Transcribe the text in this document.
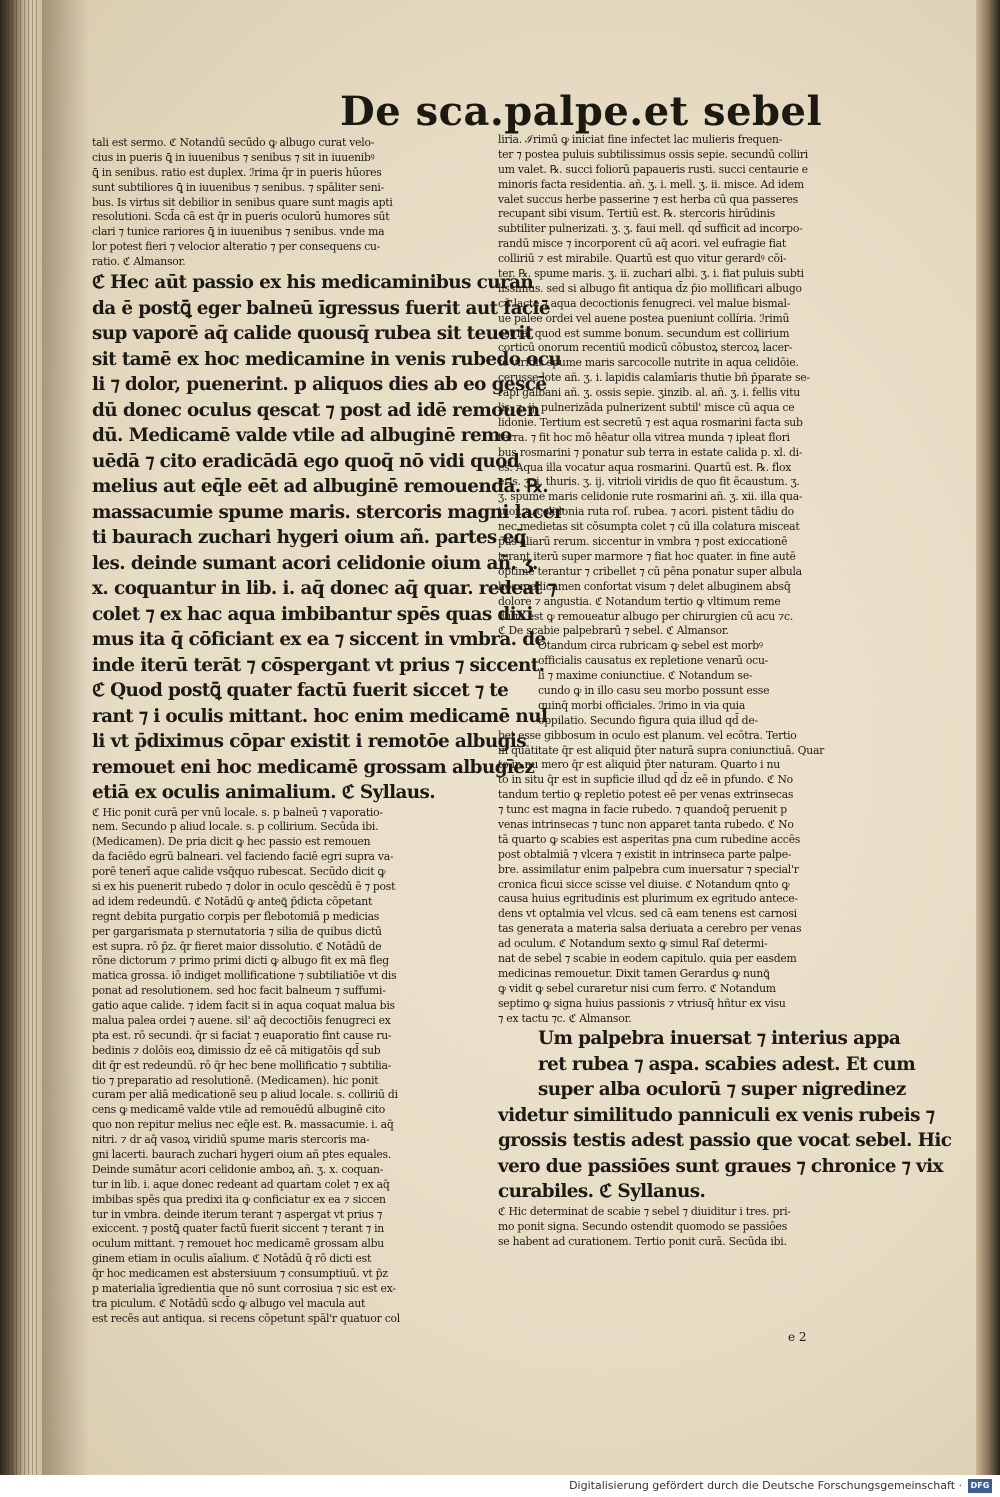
De sca.palpe.et sebel
tali est sermo. ℭ Notandū secūdo ꝙ albugo curat velo-
cius in pueris ꝗ̄ in iuuenibus ⁊ senibus ⁊ sit in iuuenibꝰ
ꝗ̄ in senibus. ratio est duplex. ℐrima q̄r in pueris hūores
sunt subtiliores ꝗ̄ in iuuenibus ⁊ senibus. ⁊ spāliter seni-
bus. Is virtus sit debilior in senibus quare sunt magis apti
resolutioni. Scd̄a cā est q̄r in pueris oculorū humores sūt
clari ⁊ tunice rariores ꝗ̄ in iuuenibus ⁊ senibus. vnde ma
lor potest fieri ⁊ velocior alteratio ⁊ per consequens cu-
ratio. ℭ Almansor.
ℭ Hec aūt passio ex his medicaminibus curan
da ē postꝗ̄ eger balneū īgressus fuerit aut faciē
sup vaporē aq̄ calide quousq̄ rubea sit teuerit
sit tamē ex hoc medicamine in venis rubedo ocu
li ⁊ dolor, puenerint. p aliquos dies ab eo gescē
dū donec oculus qescat ⁊ post ad idē remouen
dū. Medicamē valde vtile ad albuginē remo
uēdā ⁊ cito eradicādā ego quoq̄ nō vidi quod
melius aut eq̄le eēt ad albuginē remouendā. ℞.
massacumie spume maris. stercoris magni lacer
ti baurach zuchari hygeri oium añ. partes eq̄
les. deinde sumant acori celidonie oium añ. ʒ.
x. coquantur in lib. i. aq̄ donec aq̄ quar. redeat ⁊
colet ⁊ ex hac aqua imbibantur spēs quas dixi
mus ita q̄ cōficiant ex ea ⁊ siccent in vmbra. de
inde iterū terāt ⁊ cōspergant vt prius ⁊ siccent.
ℭ Quod postꝗ̄ quater factū fuerit siccet ⁊ te
rant ⁊ i oculis mittant. hoc enim medicamē nul
li vt p̄diximus cōpar existit i remotōe albugis
remouet eni hoc medicamē grossam albugīez
etiā ex oculis animalium. ℭ Syllaus.
ℭ Hic ponit curā per vnū locale. s. p balneū ⁊ vaporatio-
nem. Secundo p aliud locale. s. p collirium. Secūda ibi.
(Medicamen). De pria dicit ꝙ hec passio est remouen
da faciēdo egrū balneari. vel faciendo faciē egri supra va-
porē tenerī aque calide vsq̄quo rubescat. Secūdo dicit ꝙ
si ex his puenerit rubedo ⁊ dolor in oculo qescēdū ē ⁊ post
ad idem redeundū. ℭ Notādū ꝙ anteꝗ̄ p̄dicta cōpetant
regnt debita purgatio corpis per flebotomiā p medicias
per gargarismata p sternutatoria ⁊ silia de quibus dictū
est supra. rō p̄z. q̄r fieret maior dissolutio. ℭ Notādū de
rōne dictorum ⁊ primo primi dicti ꝙ albugo fit ex mā fleg
matica grossa. iō indiget mollificatione ⁊ subtiliatiōe vt dis
ponat ad resolutionem. sed hoc facit balneum ⁊ suffumi-
gatio aque calide. ⁊ idem facit si in aqua coquat malua bis
malua palea ordei ⁊ auene. sil' aq̄ decoctiōis fenugreci ex
pta est. rō secundi. q̄r si faciat ⁊ euaporatio fint cause ru-
bedinis ⁊ dolōis eoꝝ dimissio d̄z eē cā mitigatōis qd̄ sub
dit q̄r est redeundū. rō q̄r hec bene mollificatio ⁊ subtilia-
tio ⁊ preparatio ad resolutionē. (Medicamen). hic ponit
curam per aliā medicationē seu p aliud locale. s. colliriū di
cens ꝙ medicamē valde vtile ad remouēdū albuginē cito
quo non repitur melius nec eq̄le est. ℞. massacumie. i. aq̄
nitri. ⁊ dr aq̄ vasoꝝ viridiū spume maris stercoris ma-
gni lacerti. baurach zuchari hygeri oium añ ptes equales.
Deinde sumātur acori celidonie amboꝝ añ. ʒ. x. coquan-
tur in lib. i. aque donec redeant ad quartam colet ⁊ ex aq̄
imbibas spēs qua predixi ita ꝙ conficiatur ex ea ⁊ siccen
tur in vmbra. deinde iterum terant ⁊ aspergat vt prius ⁊
exiccent. ⁊ postꝗ̄ quater factū fuerit siccent ⁊ terant ⁊ in
oculum mittant. ⁊ remouet hoc medicamē grossam albu
ginem etiam in oculis aīalium. ℭ Notādū q̄ rō dicti est
q̄r hoc medicamen est abstersiuum ⁊ consumptiuū. vt p̄z
p materialia īgredientia que nō sunt corrosiua ⁊ sic est ex-
tra piculum. ℭ Notādū scd̄o ꝙ albugo vel macula aut
est recēs aut antiqua. si recens cōpetunt spāl'r quatuor col
liria. ℐrimū ꝙ iniciat fine infectet lac mulieris frequen-
ter ⁊ postea puluis subtilissimus ossis sepie. secundū colliri
um valet. ℞. succi foliorū papaueris rusti. succi centaurie e
minoris facta residentia. añ. ʒ. i. mell. ʒ. ii. misce. Ad idem
valet succus herbe passerine ⁊ est herba cū qua passeres
recupant sibi visum. Tertiū est. ℞. stercoris hirūdinis
subtiliter pulnerizati. ʒ. ʒ. faui mell. qd̄ sufficit ad incorpo-
randū misce ⁊ incorporent cū aq̄ acori. vel eufragie fiat
colliriū ⁊ est mirabile. Quartū est quo vitur gerardꝰ cōi-
ter. ℞. spume maris. ʒ. ii. zuchari albi. ʒ. i. fiat puluis subti
lissimus. sed si albugo fit antiqua d̄z p̄io mollificari albugo
cū lacte ⁊ aqua decoctionis fenugreci. vel malue bismal-
ue palee ordei vel auene postea pueniunt collíria. ℐrimū
est raſ quod est summe bonum. secundum est collirium
corticū onorum recentiū modicū cōbustoꝝ stercoꝝ lacer-
te viridis spume maris sarcocolle nutrite in aqua celidōie.
cerusse lote añ. ʒ. i. lapidis calamīaris thutie bñ p̄parate se-
rapi galbani añ. ʒ. ossis sepie. ʒinzib. al. añ. ʒ. i. fellis vitu
lis. ʒ. ij. pulnerizāda pulnerizent subtil' misce cū aqua ce
lidonie. Tertium est secretū ⁊ est aqua rosmarini facta sub
terra. ⁊ fit hoc mō hēatur olla vitrea munda ⁊ ipleat flori
bus rosmarini ⁊ ponatur sub terra in estate calida p. xl. di-
es. Aqua illa vocatur aqua rosmarini. Quartū est. ℞. flox
eris. ʒ. i. thuris. ʒ. ij. vitrioli viridis de quo fit ēcaustum. ʒ.
ʒ. spume maris celidonie rute rosmarini añ. ʒ. xii. illa qua-
tuor. s. celidonia ruta roſ. rubea. ⁊ acori. pistent tādiu do
nec medietas sit cōsumpta colet ⁊ cū illa colatura misceat
p̄us aliarū rerum. siccentur in vmbra ⁊ post exiccationē
terant iterū super marmore ⁊ fiat hoc quater. in fine autē
optime terantur ⁊ cribellet ⁊ cū pēna ponatur super albula
hoc medicamen confortat visum ⁊ delet albuginem absq̄
dolore ⁊ angustia. ℭ Notandum tertio ꝙ vltimum reme
dium est ꝙ remoueatur albugo per chirurgien cū acu ⁊c.
ℭ De scabie palpebrarū ⁊ sebel. ℭ Almansor.
Otandum circa rubricam ꝙ sebel est morbꝰ
officialis causatus ex repletione venarū ocu-
li ⁊ maxime coniunctiue. ℭ Notandum se-
cundo ꝙ in illo casu seu morbo possunt esse
quinq̄ morbi officiales. ℐrimo in via quia
oppilatio. Secundo figura quia illud qd̄ de-
bet esse gibbosum in oculo est planum. vel ecōtra. Tertio
in quātitate q̄r est aliquid p̄ter naturā supra coniunctiuā. Quar
to in nu mero q̄r est aliquid p̄ter naturam. Quarto i nu
to in situ q̄r est in supficie illud qd̄ d̄z eē in pfundo. ℭ No
tandum tertio ꝙ repletio potest eē per venas extrinsecas
⁊ tunc est magna in facie rubedo. ⁊ quandoq̄ peruenit p
venas intrinsecas ⁊ tunc non apparet tanta rubedo. ℭ No
tā quarto ꝙ scabies est asperitas pna cum rubedine accēs
post obtalmiā ⁊ vlcera ⁊ existit in intrinseca parte palpe-
bre. assimilatur enim palpebra cum inuersatur ⁊ special'r
cronica ficui sicce scisse vel diuise. ℭ Notandum qnto ꝙ
causa huius egritudinis est plurimum ex egritudo antece-
dens vt optalmia vel vlcus. sed cā eam tenens est carnosi
tas generata a materia salsa deriuata a cerebro per venas
ad oculum. ℭ Notandum sexto ꝙ simul Raſ determi-
nat de sebel ⁊ scabie in eodem capitulo. quia per easdem
medicinas remouetur. Dixit tamen Gerardus ꝙ nunꝗ̄
ꝙ vidit ꝙ sebel curaretur nisi cum ferro. ℭ Notandum
septimo ꝙ signa huius passionis ⁊ vtriusq̄ hñtur ex visu
⁊ ex tactu ⁊c. ℭ Almansor.
Um palpebra inuersat ⁊ interius appa
ret rubea ⁊ aspa. scabies adest. Et cum
super alba oculorū ⁊ super nigredinez
videtur similitudo panniculi ex venis rubeis ⁊
grossis testis adest passio que vocat sebel. Hic
vero due passiōes sunt graues ⁊ chronice ⁊ vix
curabiles. ℭ Syllanus.
ℭ Hic determinat de scabie ⁊ sebel ⁊ diuiditur i tres. pri-
mo ponit signa. Secundo ostendit quomodo se passiōes
se habent ad curationem. Tertio ponit curā. Secūda ibi.
e 2
Digitalisierung gefördert durch die Deutsche Forschungsgemeinschaft ·	DFG
